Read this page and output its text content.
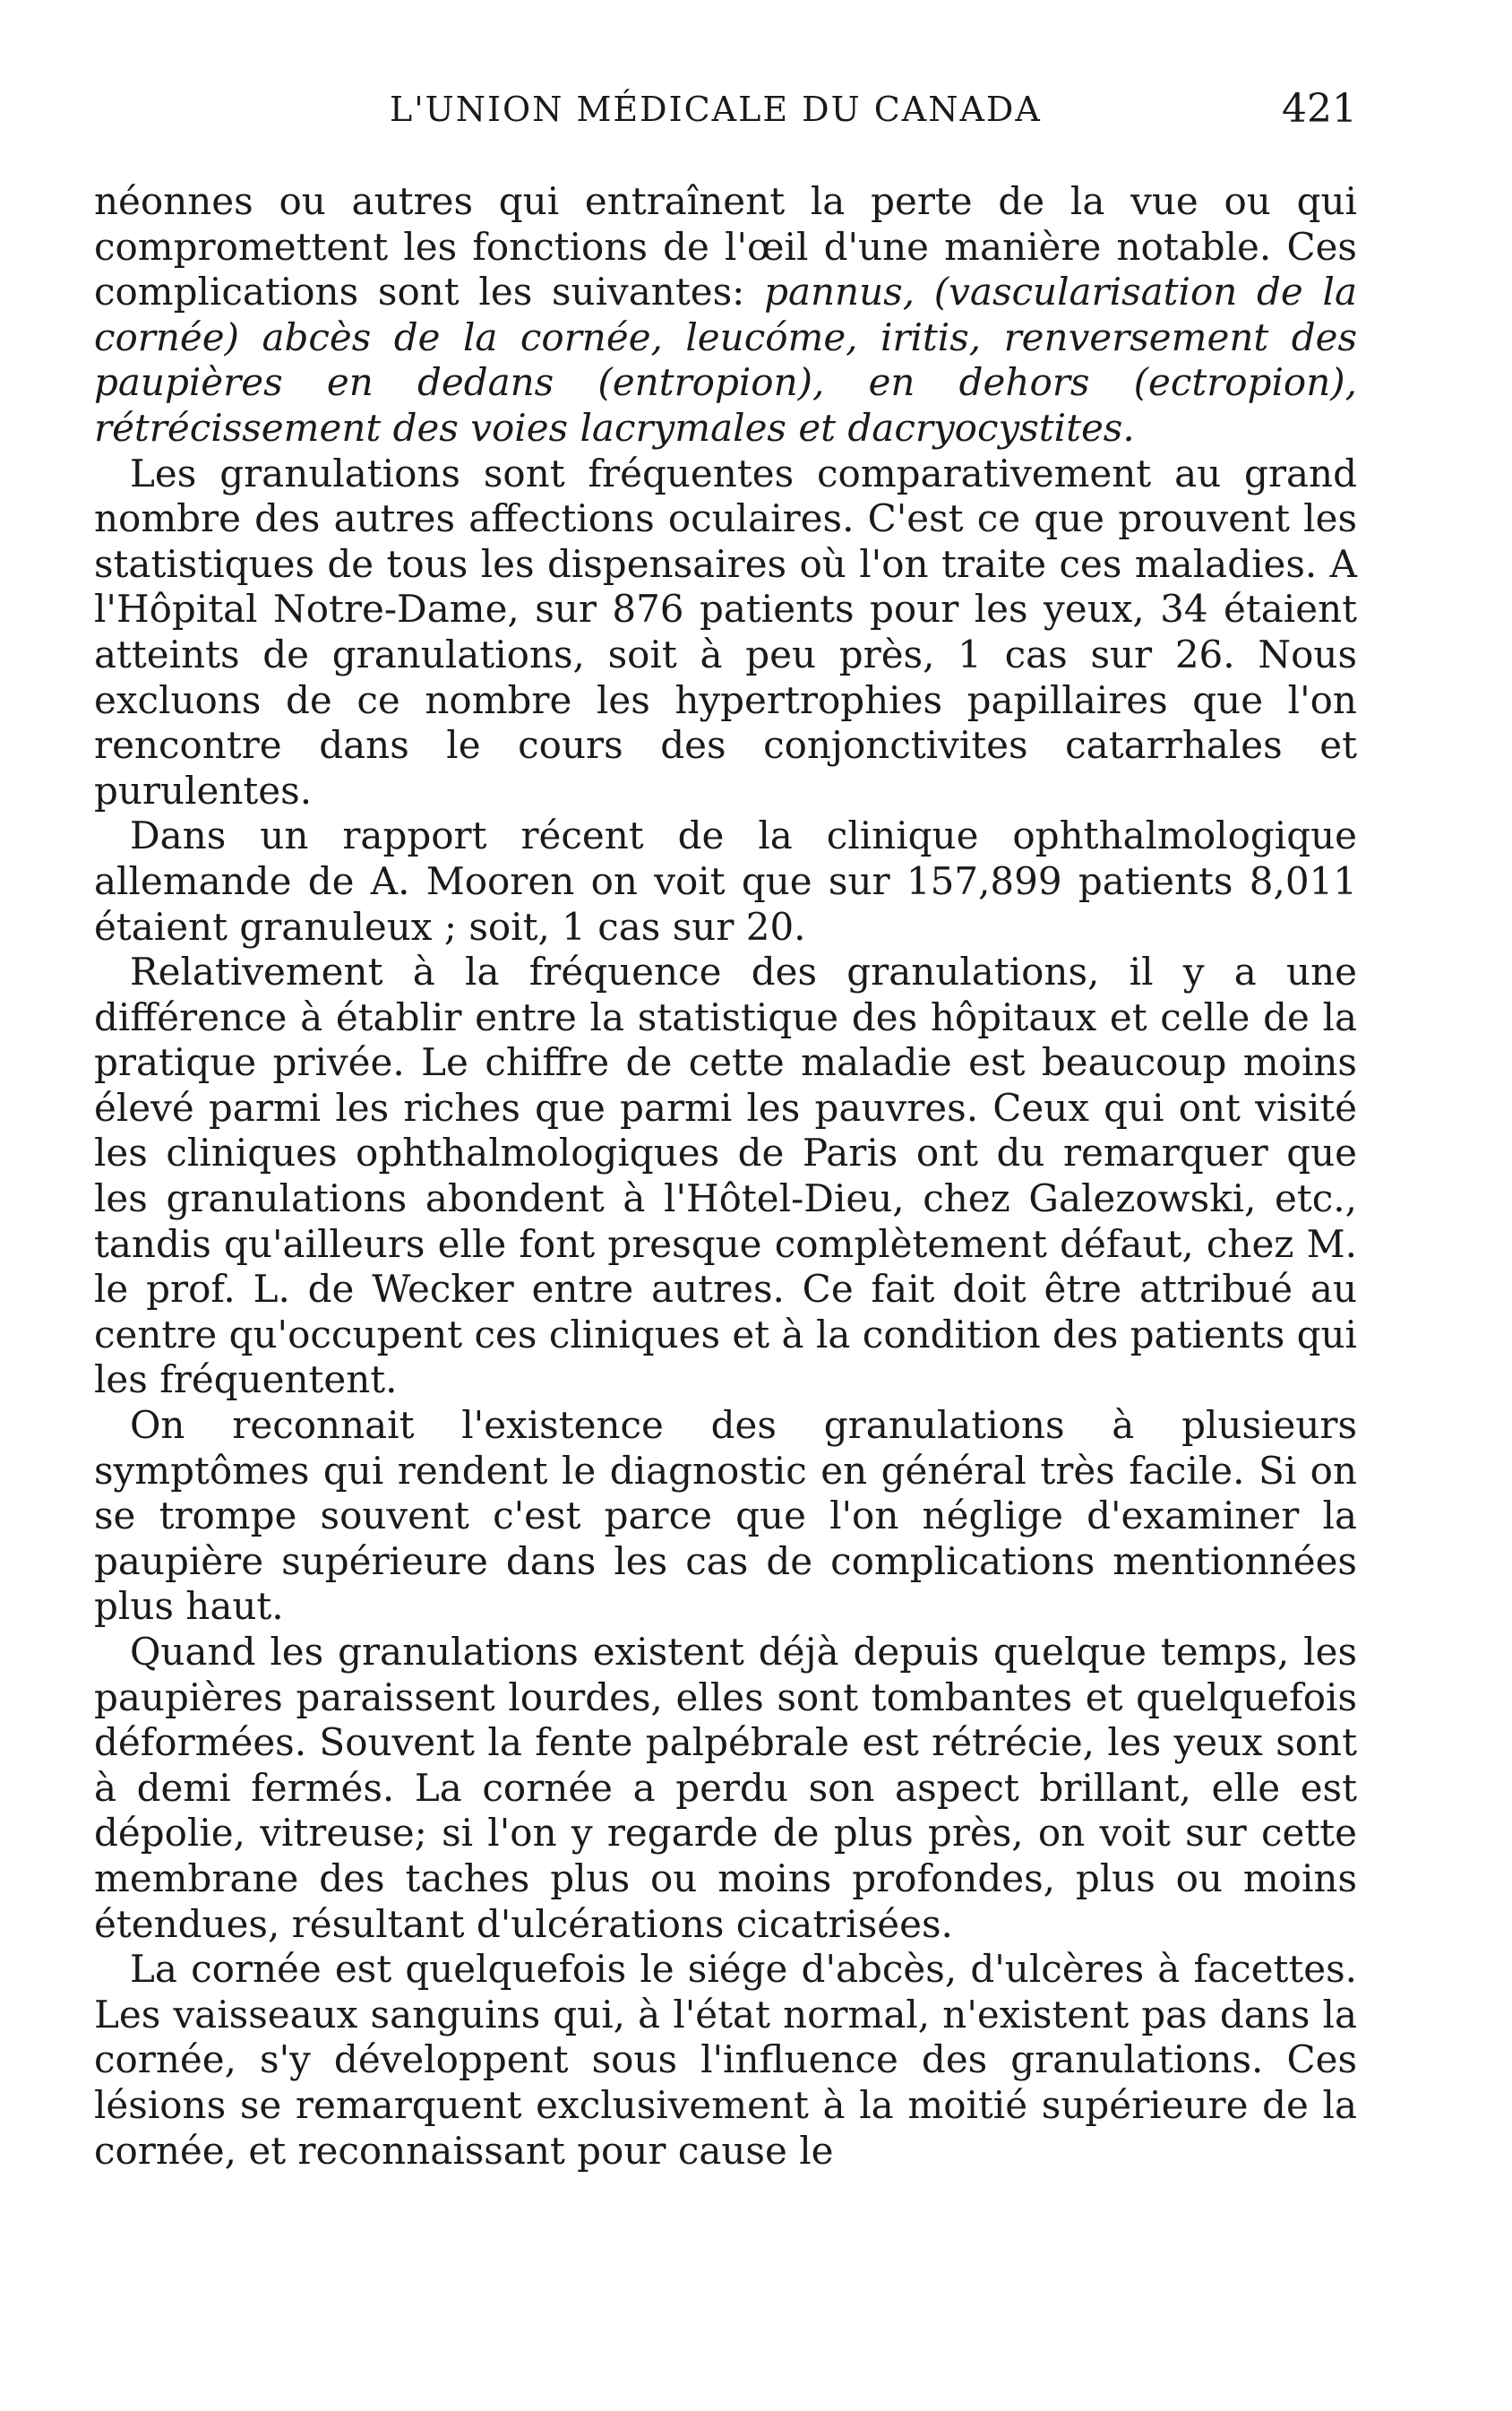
L'UNION MÉDICALE DU CANADA	421

néonnes ou autres qui entraînent la perte de la vue ou qui compromettent les fonctions de l'œil d'une manière notable. Ces complications sont les suivantes: pannus, (vascularisation de la cornée) abcès de la cornée, leucóme, iritis, renversement des paupières en dedans (entropion), en dehors (ectropion), rétrécissement des voies lacrymales et dacryocystites.

Les granulations sont fréquentes comparativement au grand nombre des autres affections oculaires. C'est ce que prouvent les statistiques de tous les dispensaires où l'on traite ces maladies. A l'Hôpital Notre-Dame, sur 876 patients pour les yeux, 34 étaient atteints de granulations, soit à peu près, 1 cas sur 26. Nous excluons de ce nombre les hypertrophies papillaires que l'on rencontre dans le cours des conjonctivites catarrhales et purulentes.

Dans un rapport récent de la clinique ophthalmologique allemande de A. Mooren on voit que sur 157,899 patients 8,011 étaient granuleux ; soit, 1 cas sur 20.

Relativement à la fréquence des granulations, il y a une différence à établir entre la statistique des hôpitaux et celle de la pratique privée. Le chiffre de cette maladie est beaucoup moins élevé parmi les riches que parmi les pauvres. Ceux qui ont visité les cliniques ophthalmologiques de Paris ont du remarquer que les granulations abondent à l'Hôtel-Dieu, chez Galezowski, etc., tandis qu'ailleurs elle font presque complètement défaut, chez M. le prof. L. de Wecker entre autres. Ce fait doit être attribué au centre qu'occupent ces cliniques et à la condition des patients qui les fréquentent.

On reconnait l'existence des granulations à plusieurs symptômes qui rendent le diagnostic en général très facile. Si on se trompe souvent c'est parce que l'on néglige d'examiner la paupière supérieure dans les cas de complications mentionnées plus haut.

Quand les granulations existent déjà depuis quelque temps, les paupières paraissent lourdes, elles sont tombantes et quelquefois déformées. Souvent la fente palpébrale est rétrécie, les yeux sont à demi fermés. La cornée a perdu son aspect brillant, elle est dépolie, vitreuse; si l'on y regarde de plus près, on voit sur cette membrane des taches plus ou moins profondes, plus ou moins étendues, résultant d'ulcérations cicatrisées.

La cornée est quelquefois le siége d'abcès, d'ulcères à facettes. Les vaisseaux sanguins qui, à l'état normal, n'existent pas dans la cornée, s'y développent sous l'influence des granulations. Ces lésions se remarquent exclusivement à la moitié supérieure de la cornée, et reconnaissant pour cause le
